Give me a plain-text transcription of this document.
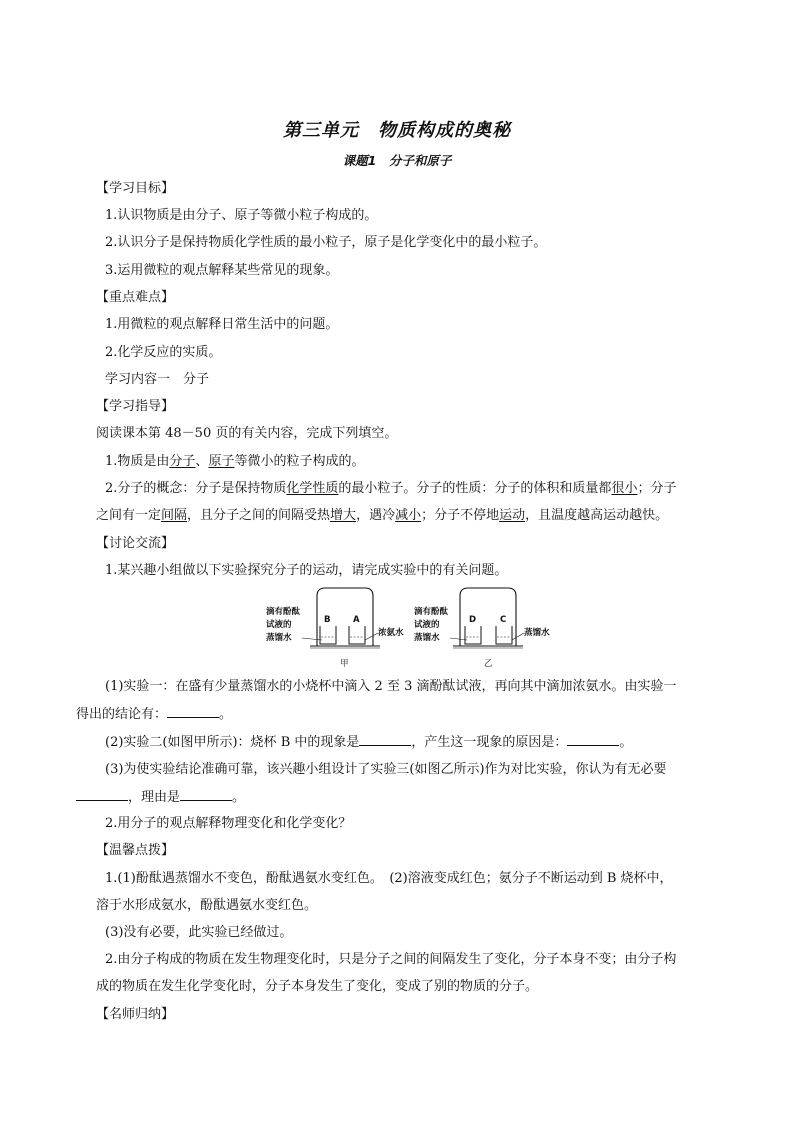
第三单元　物质构成的奥秘
课题1　分子和原子
【学习目标】
1.认识物质是由分子、原子等微小粒子构成的。
2.认识分子是保持物质化学性质的最小粒子，原子是化学变化中的最小粒子。
3.运用微粒的观点解释某些常见的现象。
【重点难点】
1.用微粒的观点解释日常生活中的问题。
2.化学反应的实质。
学习内容一　分子
【学习指导】
阅读课本第 48－50 页的有关内容，完成下列填空。
1.物质是由分子、原子等微小的粒子构成的。
2.分子的概念：分子是保持物质化学性质的最小粒子。分子的性质：分子的体积和质量都很小；分子
之间有一定间隔，且分子之间的间隔受热增大，遇冷减小；分子不停地运动，且温度越高运动越快。
【讨论交流】
1.某兴趣小组做以下实验探究分子的运动，请完成实验中的有关问题。
B	A
滴有酚酞
试液的
蒸馏水	浓氨水
甲
D	C
滴有酚酞
试液的
蒸馏水	蒸馏水
乙
(1)实验一：在盛有少量蒸馏水的小烧杯中滴入 2 至 3 滴酚酞试液，再向其中滴加浓氨水。由实验一
得出的结论有：	。
(2)实验二(如图甲所示)：烧杯 B 中的现象是	，产生这一现象的原因是：	。
(3)为使实验结论准确可靠，该兴趣小组设计了实验三(如图乙所示)作为对比实验，你认为有无必要
，理由是	。
2.用分子的观点解释物理变化和化学变化？
【温馨点拨】
1.(1)酚酞遇蒸馏水不变色，酚酞遇氨水变红色。　(2)溶液变成红色；氨分子不断运动到 B 烧杯中，
溶于水形成氨水，酚酞遇氨水变红色。
(3)没有必要，此实验已经做过。
2.由分子构成的物质在发生物理变化时，只是分子之间的间隔发生了变化，分子本身不变；由分子构
成的物质在发生化学变化时，分子本身发生了变化，变成了别的物质的分子。
【名师归纳】
